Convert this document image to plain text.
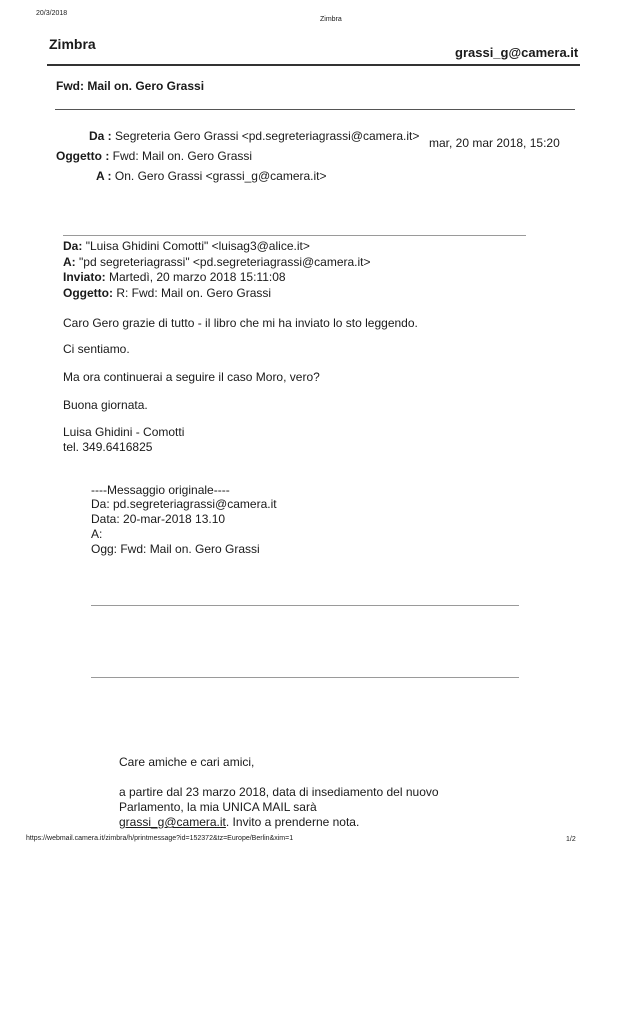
20/3/2018
Zimbra
Zimbra
grassi_g@camera.it
Fwd: Mail on. Gero Grassi
Da : Segreteria Gero Grassi <pd.segreteriagrassi@camera.it> mar, 20 mar 2018, 15:20
Oggetto : Fwd: Mail on. Gero Grassi
A : On. Gero Grassi <grassi_g@camera.it>
Da: "Luisa Ghidini Comotti" <luisag3@alice.it>
A: "pd segreteriagrassi" <pd.segreteriagrassi@camera.it>
Inviato: Martedì, 20 marzo 2018 15:11:08
Oggetto: R: Fwd: Mail on. Gero Grassi
Caro Gero grazie di tutto - il libro che mi ha inviato lo sto leggendo.
Ci sentiamo.
Ma ora continuerai a seguire il caso Moro, vero?
Buona giornata.
Luisa Ghidini - Comotti
tel. 349.6416825
----Messaggio originale----
Da: pd.segreteriagrassi@camera.it
Data: 20-mar-2018 13.10
A:
Ogg: Fwd: Mail on. Gero Grassi
Care amiche e cari amici,
a partire dal 23 marzo 2018, data di insediamento del nuovo
Parlamento, la mia UNICA MAIL sarà
grassi_g@camera.it. Invito a prenderne nota.
https://webmail.camera.it/zimbra/h/printmessage?id=152372&tz=Europe/Berlin&xim=1	1/2
